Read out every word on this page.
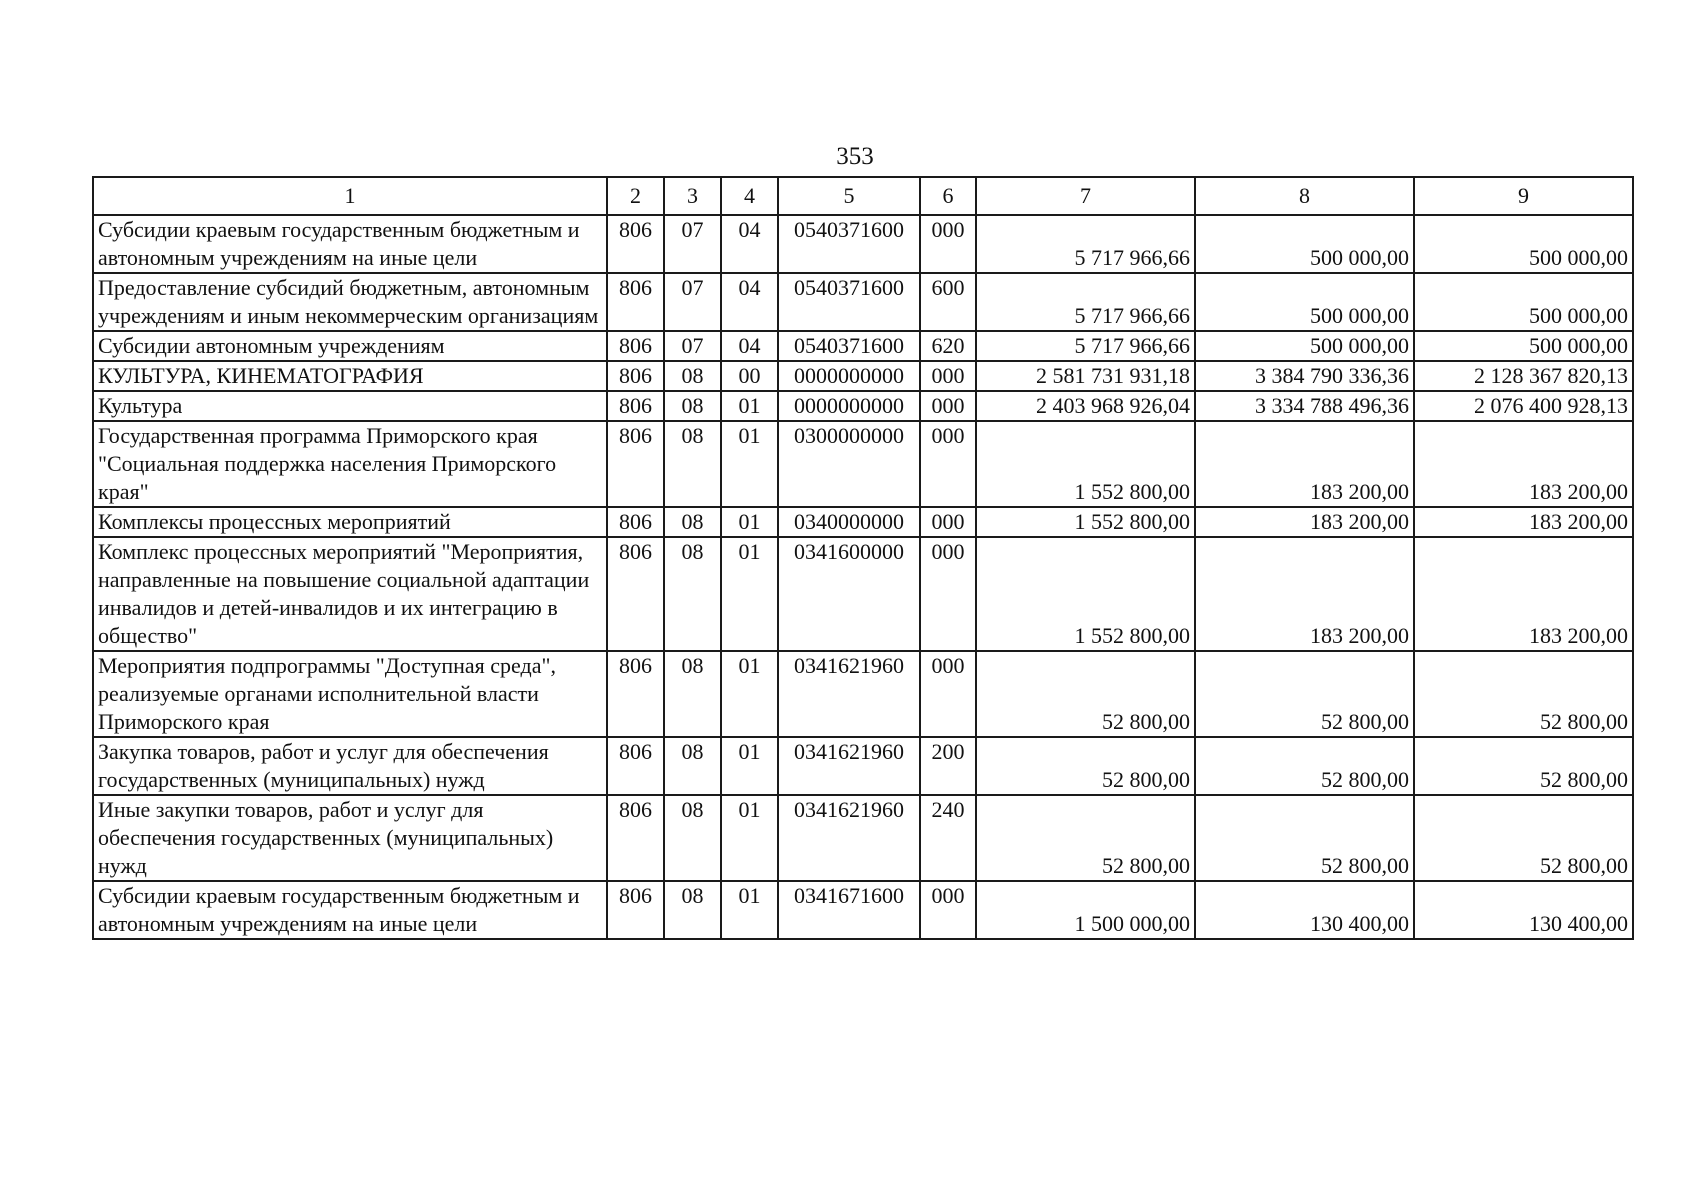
353
1	2	3	4	5	6	7	8	9
Субсидии краевым государственным бюджетным и автономным учреждениям на иные цели	806	07	04	0540371600	000	5 717 966,66	500 000,00	500 000,00
Предоставление субсидий бюджетным, автономным учреждениям и иным некоммерческим организациям	806	07	04	0540371600	600	5 717 966,66	500 000,00	500 000,00
Субсидии автономным учреждениям	806	07	04	0540371600	620	5 717 966,66	500 000,00	500 000,00
КУЛЬТУРА, КИНЕМАТОГРАФИЯ	806	08	00	0000000000	000	2 581 731 931,18	3 384 790 336,36	2 128 367 820,13
Культура	806	08	01	0000000000	000	2 403 968 926,04	3 334 788 496,36	2 076 400 928,13
Государственная программа Приморского края "Социальная поддержка населения Приморского края"	806	08	01	0300000000	000	1 552 800,00	183 200,00	183 200,00
Комплексы процессных мероприятий	806	08	01	0340000000	000	1 552 800,00	183 200,00	183 200,00
Комплекс процессных мероприятий "Мероприятия, направленные на повышение социальной адаптации инвалидов и детей-инвалидов и их интеграцию в общество"	806	08	01	0341600000	000	1 552 800,00	183 200,00	183 200,00
Мероприятия подпрограммы "Доступная среда", реализуемые органами исполнительной власти Приморского края	806	08	01	0341621960	000	52 800,00	52 800,00	52 800,00
Закупка товаров, работ и услуг для обеспечения государственных (муниципальных) нужд	806	08	01	0341621960	200	52 800,00	52 800,00	52 800,00
Иные закупки товаров, работ и услуг для обеспечения государственных (муниципальных) нужд	806	08	01	0341621960	240	52 800,00	52 800,00	52 800,00
Субсидии краевым государственным бюджетным и автономным учреждениям на иные цели	806	08	01	0341671600	000	1 500 000,00	130 400,00	130 400,00
